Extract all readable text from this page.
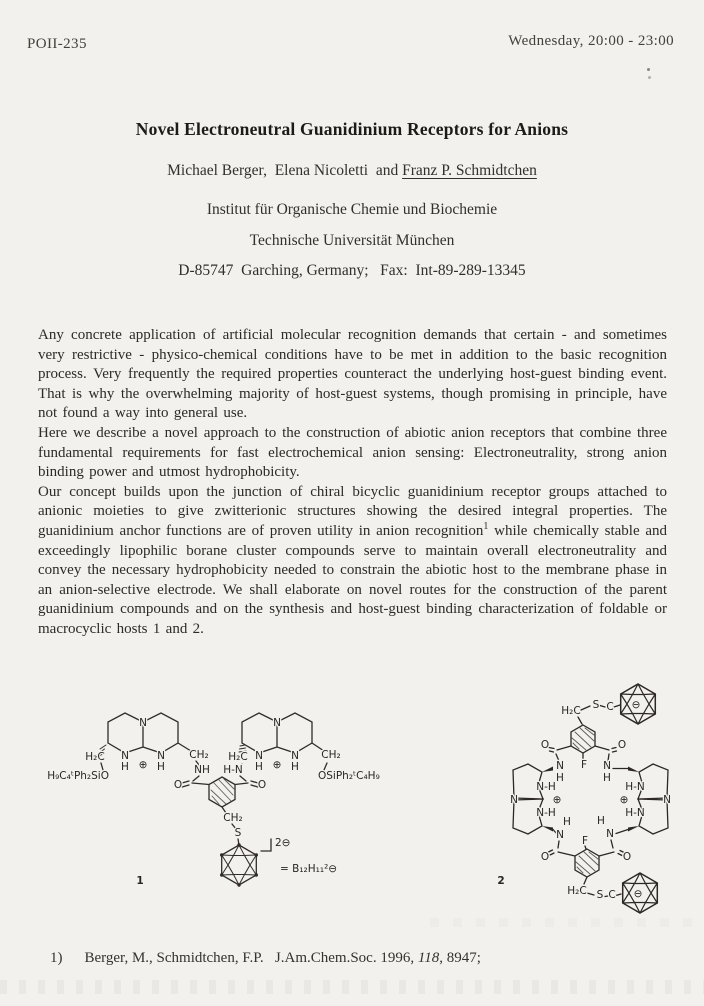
POII-235	Wednesday, 20:00 - 23:00
Novel Electroneutral Guanidinium Receptors for Anions
Michael Berger,  Elena Nicoletti  and Franz P. Schmidtchen
Institut für Organische Chemie und Biochemie
Technische Universität München
D-85747  Garching, Germany;   Fax:  Int-89-289-13345

Any concrete application of artificial molecular recognition demands that certain - and sometimes very restrictive - physico-chemical conditions have to be met in addition to the basic recognition process. Very frequently the required properties counteract the underlying host-guest binding event. That is why the overwhelming majority of host-guest systems, though promising in principle, have not found a way into general use.

Here we describe a novel approach to the construction of abiotic anion receptors that combine three fundamental requirements for fast electrochemical anion sensing: Electroneutrality, strong anion binding power and utmost hydrophobicity.

Our concept builds upon the junction of chiral bicyclic guanidinium receptor groups attached to anionic moieties to give zwitterionic structures showing the desired integral properties. The guanidinium anchor functions are of proven utility in anion recognition$^1$ while chemically stable and exceedingly lipophilic borane cluster compounds serve to maintain overall electroneutrality and convey the necessary hydrophobicity needed to constrain the abiotic host to the membrane phase in an anion-selective electrode. We shall elaborate on novel routes for the construction of the parent guanidinium compounds and on the synthesis and host-guest binding characterization of foldable or macrocyclic hosts 1 and 2.

H₂C
H₉C₄ᵗPh₂SiO
N
N
H ⊕
N
H
CH₂
NH
O
H-N
H₂C
O
N
N
H ⊕
N
H
CH₂
OSiPh₂ᵗC₄H₉
CH₂
S
2⊖
= B₁₂H₁₁²⊖
1
H₂C S C ⊖
O	O
N
H
N
H
F
N-H
⊕
N
N-H
H-N
⊕	N
H-N
H
F
H
N	N
O	O
H₂C S C ⊖
2
1) Berger, M., Schmidtchen, F.P.   J.Am.Chem.Soc. 1996, 118, 8947;
